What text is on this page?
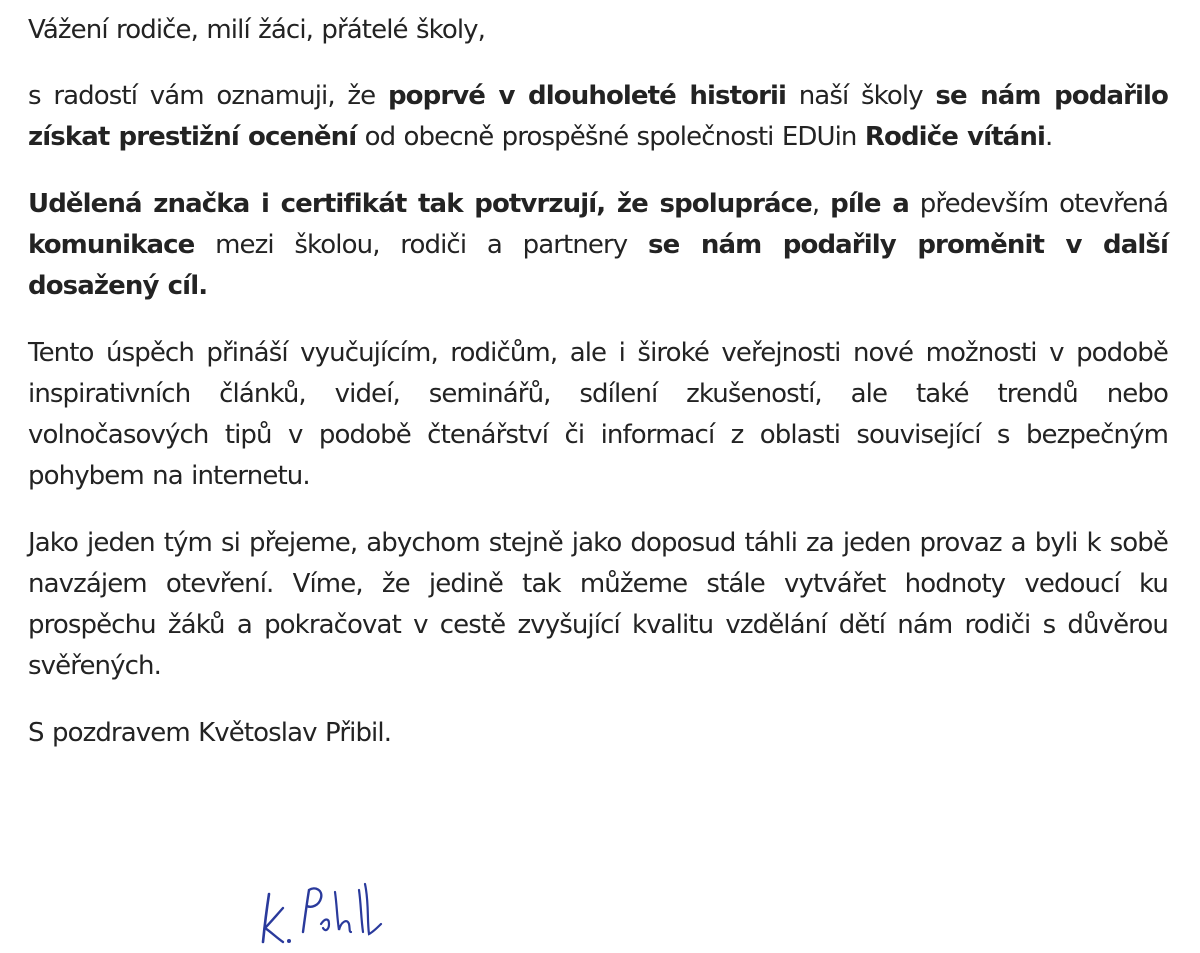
Vážení rodiče, milí žáci, přátelé školy,

s radostí vám oznamuji, že poprvé v dlouholeté historii naší školy se nám podařilo získat prestižní ocenění od obecně prospěšné společnosti EDUin Rodiče vítáni.

Udělená značka i certifikát tak potvrzují, že spolupráce, píle a především otevřená komunikace mezi školou, rodiči a partnery se nám podařily proměnit v další dosažený cíl.

Tento úspěch přináší vyučujícím, rodičům, ale i široké veřejnosti nové možnosti v podobě inspirativních článků, videí, seminářů, sdílení zkušeností, ale také trendů nebo volnočasových tipů v podobě čtenářství či informací z oblasti související s bezpečným pohybem na internetu.

Jako jeden tým si přejeme, abychom stejně jako doposud táhli za jeden provaz a byli k sobě navzájem otevření. Víme, že jedině tak můžeme stále vytvářet hodnoty vedoucí ku prospěchu žáků a pokračovat v cestě zvyšující kvalitu vzdělání dětí nám rodiči s důvěrou svěřených.

S pozdravem Květoslav Přibil.
